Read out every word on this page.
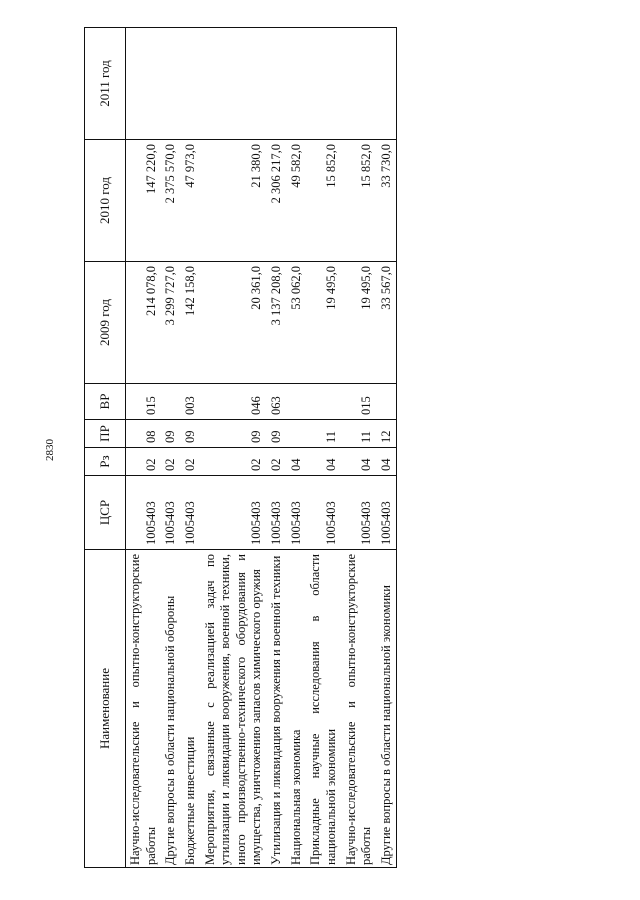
2830
Наименование	ЦСР	Рз	ПР	ВР	2009 год	2010 год	2011 год
Научно-исследовательские и опытно-конструкторские работы	1005403	02	08	015	214 078,0	147 220,0	
Другие вопросы в области национальной обороны	1005403	02	09		3 299 727,0	2 375 570,0	
Бюджетные инвестиции	1005403	02	09	003	142 158,0	47 973,0	
Мероприятия, связанные с реализацией задач по утилизации и ликвидации вооружения, военной техники, иного производственно-технического оборудования и имущества, уничтожению запасов химического оружия	1005403	02	09	046	20 361,0	21 380,0	
Утилизация и ликвидация вооружения и военной техники	1005403	02	09	063	3 137 208,0	2 306 217,0	
Национальная экономика	1005403	04			53 062,0	49 582,0	
Прикладные научные исследования в области национальной экономики	1005403	04	11		19 495,0	15 852,0	
Научно-исследовательские и опытно-конструкторские работы	1005403	04	11	015	19 495,0	15 852,0	
Другие вопросы в области национальной экономики	1005403	04	12		33 567,0	33 730,0	
